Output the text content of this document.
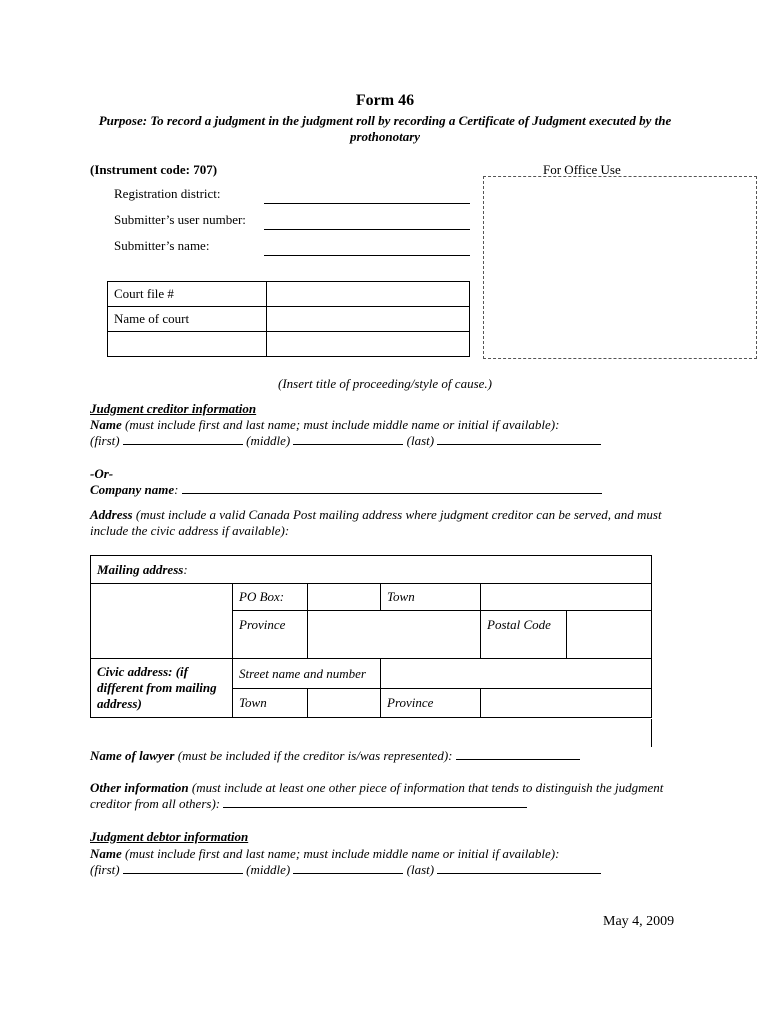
Form 46
Purpose: To record a judgment in the judgment roll by recording a Certificate of Judgment executed by the prothonotary
(Instrument code: 707)	For Office Use
Registration district:
Submitter’s user number:
Submitter’s name:
Court file #	
Name of court	

(Insert title of proceeding/style of cause.)
Judgment creditor information
Name (must include first and last name; must include middle name or initial if available):
(first)	(middle)	(last)
-Or-
Company name:
Address (must include a valid Canada Post mailing address where judgment creditor can be served, and must include the civic address if available):
Mailing address:					
	PO Box:		Town		
	Province			Postal Code	
Civic address: (if different from mailing address)	Street name and number				
	Town		Province		
Name of lawyer (must be included if the creditor is/was represented):
Other information (must include at least one other piece of information that tends to distinguish the judgment creditor from all others):
Judgment debtor information
Name (must include first and last name; must include middle name or initial if available):
(first)	(middle)	(last)
May 4, 2009
